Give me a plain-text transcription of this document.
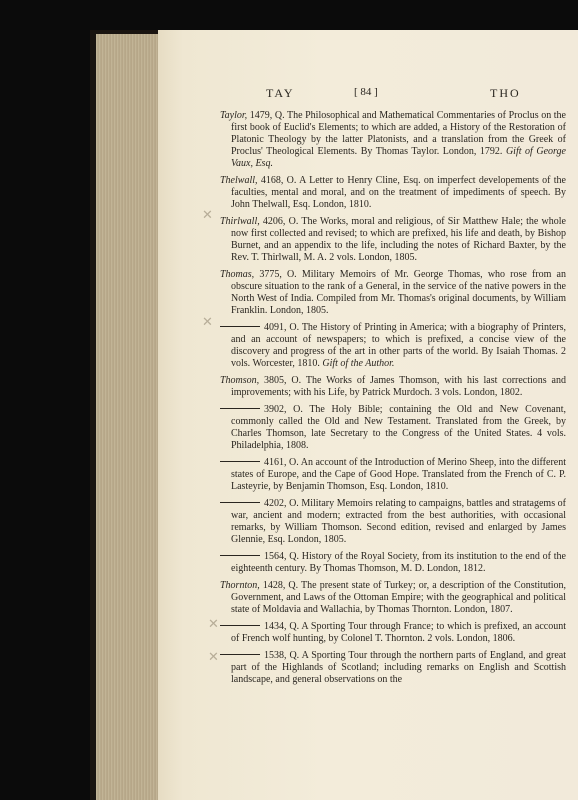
TAY	[ 84 ]	THO
Taylor, 1479, Q. The Philosophical and Mathematical Commentaries of Proclus on the first book of Euclid's Elements; to which are added, a History of the Restoration of Platonic Theology by the latter Platonists, and a translation from the Greek of Proclus' Theological Elements. By Thomas Taylor. London, 1792. Gift of George Vaux, Esq.
Thelwall, 4168, O. A Letter to Henry Cline, Esq. on imperfect developements of the faculties, mental and moral, and on the treatment of impediments of speech. By John Thelwall, Esq. London, 1810.
Thirlwall, 4206, O. The Works, moral and religious, of Sir Matthew Hale; the whole now first collected and revised; to which are prefixed, his life and death, by Bishop Burnet, and an appendix to the life, including the notes of Richard Baxter, by the Rev. T. Thirlwall, M. A. 2 vols. London, 1805.
Thomas, 3775, O. Military Memoirs of Mr. George Thomas, who rose from an obscure situation to the rank of a General, in the service of the native powers in the North West of India. Compiled from Mr. Thomas's original documents, by William Franklin. London, 1805.
4091, O. The History of Printing in America; with a biography of Printers, and an account of newspapers; to which is prefixed, a concise view of the discovery and progress of the art in other parts of the world. By Isaiah Thomas. 2 vols. Worcester, 1810. Gift of the Author.
Thomson, 3805, O. The Works of James Thomson, with his last corrections and improvements; with his Life, by Patrick Murdoch. 3 vols. London, 1802.
3902, O. The Holy Bible; containing the Old and New Covenant, commonly called the Old and New Testament. Translated from the Greek, by Charles Thomson, late Secretary to the Congress of the United States. 4 vols. Philadelphia, 1808.
4161, O. An account of the Introduction of Merino Sheep, into the different states of Europe, and the Cape of Good Hope. Translated from the French of C. P. Lasteyrie, by Benjamin Thomson, Esq. London, 1810.
4202, O. Military Memoirs relating to campaigns, battles and stratagems of war, ancient and modern; extracted from the best authorities, with occasional remarks, by William Thomson. Second edition, revised and enlarged by James Glennie, Esq. London, 1805.
1564, Q. History of the Royal Society, from its institution to the end of the eighteenth century. By Thomas Thomson, M. D. London, 1812.
Thornton, 1428, Q. The present state of Turkey; or, a description of the Constitution, Government, and Laws of the Ottoman Empire; with the geographical and political state of Moldavia and Wallachia, by Thomas Thornton. London, 1807.
1434, Q. A Sporting Tour through France; to which is prefixed, an account of French wolf hunting, by Colonel T. Thornton. 2 vols. London, 1806.
1538, Q. A Sporting Tour through the northern parts of England, and great part of the Highlands of Scotland; including remarks on English and Scottish landscape, and general observations on the
✕
✕
✕
✕
